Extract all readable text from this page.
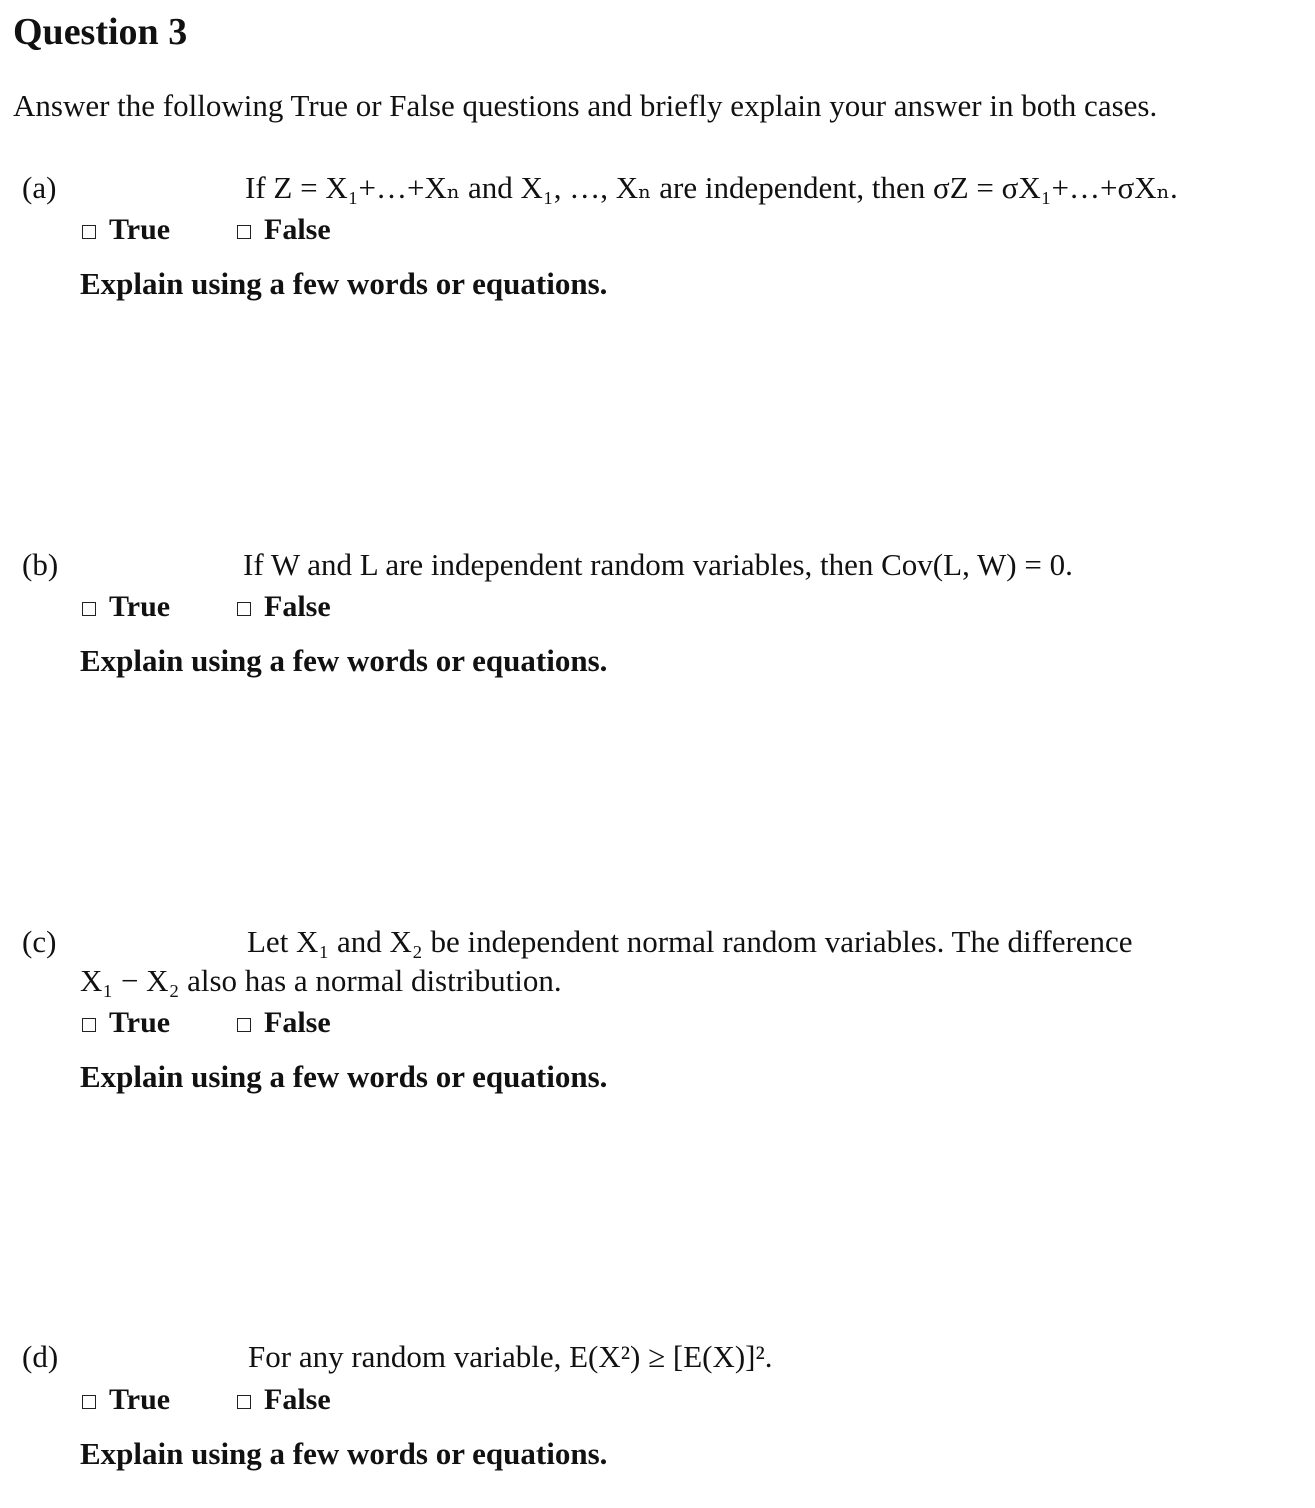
Question 3
Answer the following True or False questions and briefly explain your answer in both cases.
(a)	If Z = X₁+…+Xₙ and X₁, …, Xₙ are independent, then σZ = σX₁+…+σXₙ.
True	False
Explain using a few words or equations.
(b)	If W and L are independent random variables, then Cov(L, W) = 0.
True	False
Explain using a few words or equations.
(c)	Let X₁ and X₂ be independent normal random variables. The difference
X₁ − X₂ also has a normal distribution.
True	False
Explain using a few words or equations.
(d)	For any random variable, E(X²) ≥ [E(X)]².
True	False
Explain using a few words or equations.
